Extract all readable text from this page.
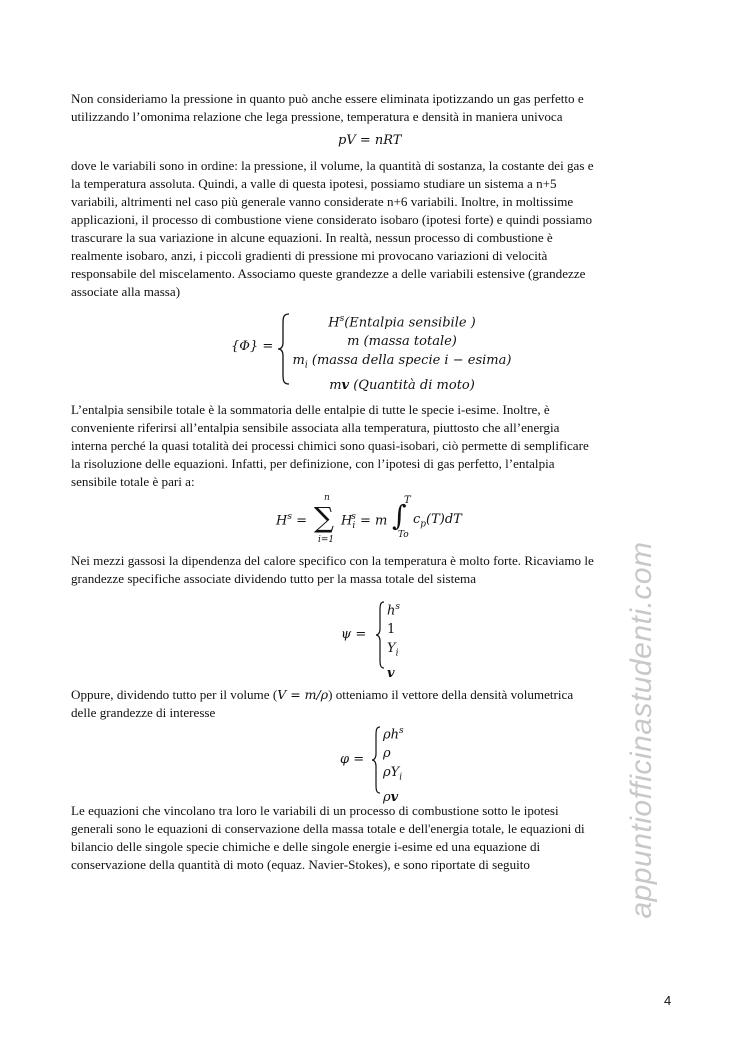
Non consideriamo la pressione in quanto può anche essere eliminata ipotizzando un gas perfetto e
utilizzando l’omonima relazione che lega pressione, temperatura e densità in maniera univoca
pV = nRT
dove le variabili sono in ordine: la pressione, il volume, la quantità di sostanza, la costante dei gas e
la temperatura assoluta. Quindi, a valle di questa ipotesi, possiamo studiare un sistema a n+5
variabili, altrimenti nel caso più generale vanno considerate n+6 variabili. Inoltre, in moltissime
applicazioni, il processo di combustione viene considerato isobaro (ipotesi forte) e quindi possiamo
trascurare la sua variazione in alcune equazioni. In realtà, nessun processo di combustione è
realmente isobaro, anzi, i piccoli gradienti di pressione mi provocano variazioni di velocità
responsabile del miscelamento. Associamo queste grandezze a delle variabili estensive (grandezze
associate alla massa)
{Φ} =
$H^s(Entalpia$ sensibile )
m (massa totale)
$m_i$ (massa della specie i − esima)
mv (Quantità di moto)
L’entalpia sensibile totale è la sommatoria delle entalpie di tutte le specie i-esime. Inoltre, è
conveniente riferirsi all’entalpia sensibile associata alla temperatura, piuttosto che all’energia
interna perché la quasi totalità dei processi chimici sono quasi-isobari, ciò permette di semplificare
la risoluzione delle equazioni. Infatti, per definizione, con l’ipotesi di gas perfetto, l’entalpia
sensibile totale è pari a:
$H^s$ =
n
∑
i=1
$H_i^s = m$
T
∫
To
$c_p(T)dT$
Nei mezzi gassosi la dipendenza del calore specifico con la temperatura è molto forte. Ricaviamo le
grandezze specifiche associate dividendo tutto per la massa totale del sistema
ψ =
$h^s$
1
$Y_i$
v
Oppure, dividendo tutto per il volume (V = m/ρ) otteniamo il vettore della densità volumetrica
delle grandezze di interesse
φ =
$\rho h^s$
ρ
$\rho Y_i$
ρv
Le equazioni che vincolano tra loro le variabili di un processo di combustione sotto le ipotesi
generali sono le equazioni di conservazione della massa totale e dell'energia totale, le equazioni di
bilancio delle singole specie chimiche e delle singole energie i-esime ed una equazione di
conservazione della quantità di moto (equaz. Navier-Stokes), e sono riportate di seguito	appuntiofficinastudenti.com
4
